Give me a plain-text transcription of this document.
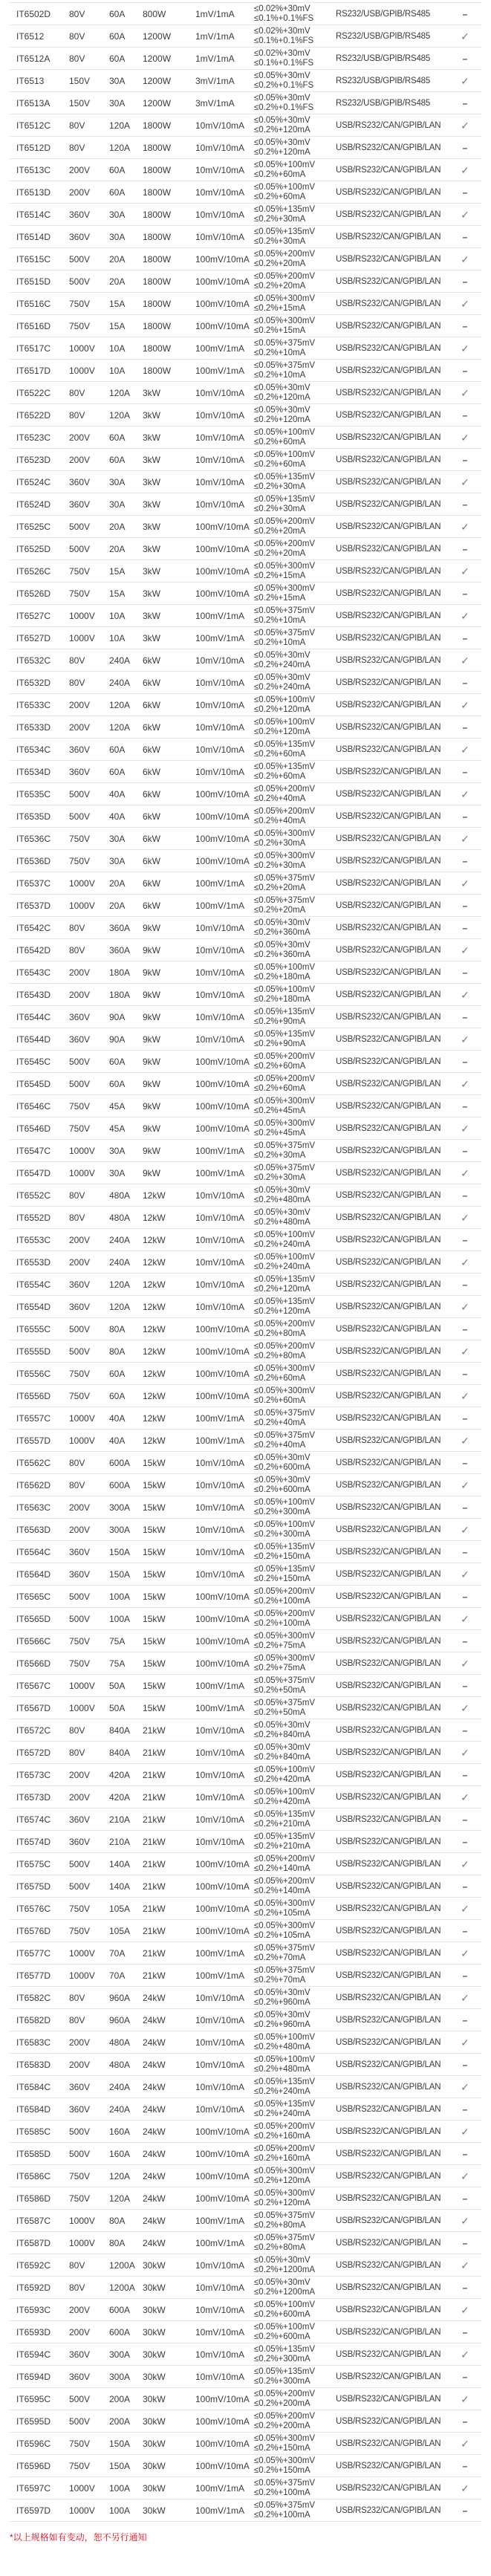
IT6502D	80V	60A	800W	1mV/1mA	≤0.02%+30mV
≤0.1%+0.1%FS	RS232/USB/GPIB/RS485	–
IT6512	80V	60A	1200W	1mV/1mA	≤0.02%+30mV
≤0.1%+0.1%FS	RS232/USB/GPIB/RS485	✓
IT6512A	80V	60A	1200W	1mV/1mA	≤0.02%+30mV
≤0.1%+0.1%FS	RS232/USB/GPIB/RS485	–
IT6513	150V	30A	1200W	3mV/1mA	≤0.05%+30mV
≤0.2%+0.1%FS	RS232/USB/GPIB/RS485	✓
IT6513A	150V	30A	1200W	3mV/1mA	≤0.05%+30mV
≤0.2%+0.1%FS	RS232/USB/GPIB/RS485	–
IT6512C	80V	120A	1800W	10mV/10mA	≤0.05%+30mV
≤0.2%+120mA	USB/RS232/CAN/GPIB/LAN	✓
IT6512D	80V	120A	1800W	10mV/10mA	≤0.05%+30mV
≤0.2%+120mA	USB/RS232/CAN/GPIB/LAN	–
IT6513C	200V	60A	1800W	10mV/10mA	≤0.05%+100mV
≤0.2%+60mA	USB/RS232/CAN/GPIB/LAN	✓
IT6513D	200V	60A	1800W	10mV/10mA	≤0.05%+100mV
≤0.2%+60mA	USB/RS232/CAN/GPIB/LAN	–
IT6514C	360V	30A	1800W	10mV/10mA	≤0.05%+135mV
≤0.2%+30mA	USB/RS232/CAN/GPIB/LAN	✓
IT6514D	360V	30A	1800W	10mV/10mA	≤0.05%+135mV
≤0.2%+30mA	USB/RS232/CAN/GPIB/LAN	–
IT6515C	500V	20A	1800W	100mV/10mA ≤0.05%+200mV
≤0.2%+20mA	USB/RS232/CAN/GPIB/LAN	✓
IT6515D	500V	20A	1800W	100mV/10mA ≤0.05%+200mV
≤0.2%+20mA	USB/RS232/CAN/GPIB/LAN	–
IT6516C	750V	15A	1800W	100mV/10mA ≤0.05%+300mV
≤0.2%+15mA	USB/RS232/CAN/GPIB/LAN	✓
IT6516D	750V	15A	1800W	100mV/10mA ≤0.05%+300mV
≤0.2%+15mA	USB/RS232/CAN/GPIB/LAN	–
IT6517C	1000V	10A	1800W	100mV/1mA	≤0.05%+375mV
≤0.2%+10mA	USB/RS232/CAN/GPIB/LAN	✓
IT6517D	1000V	10A	1800W	100mV/1mA	≤0.05%+375mV
≤0.2%+10mA	USB/RS232/CAN/GPIB/LAN	–
IT6522C	80V	120A	3kW	10mV/10mA	≤0.05%+30mV
≤0.2%+120mA	USB/RS232/CAN/GPIB/LAN	✓
IT6522D	80V	120A	3kW	10mV/10mA	≤0.05%+30mV
≤0.2%+120mA	USB/RS232/CAN/GPIB/LAN	–
IT6523C	200V	60A	3kW	10mV/10mA	≤0.05%+100mV
≤0.2%+60mA	USB/RS232/CAN/GPIB/LAN	✓
IT6523D	200V	60A	3kW	10mV/10mA	≤0.05%+100mV
≤0.2%+60mA	USB/RS232/CAN/GPIB/LAN	–
IT6524C	360V	30A	3kW	10mV/10mA	≤0.05%+135mV
≤0.2%+30mA	USB/RS232/CAN/GPIB/LAN	✓
IT6524D	360V	30A	3kW	10mV/10mA	≤0.05%+135mV
≤0.2%+30mA	USB/RS232/CAN/GPIB/LAN	–
IT6525C	500V	20A	3kW	100mV/10mA ≤0.05%+200mV
≤0.2%+20mA	USB/RS232/CAN/GPIB/LAN	✓
IT6525D	500V	20A	3kW	100mV/10mA ≤0.05%+200mV
≤0.2%+20mA	USB/RS232/CAN/GPIB/LAN	–
IT6526C	750V	15A	3kW	100mV/10mA ≤0.05%+300mV
≤0.2%+15mA	USB/RS232/CAN/GPIB/LAN	✓
IT6526D	750V	15A	3kW	100mV/10mA ≤0.05%+300mV
≤0.2%+15mA	USB/RS232/CAN/GPIB/LAN	–
IT6527C	1000V	10A	3kW	100mV/1mA	≤0.05%+375mV
≤0.2%+10mA	USB/RS232/CAN/GPIB/LAN	✓
IT6527D	1000V	10A	3kW	100mV/1mA	≤0.05%+375mV
≤0.2%+10mA	USB/RS232/CAN/GPIB/LAN	–
IT6532C	80V	240A	6kW	10mV/10mA	≤0.05%+30mV
≤0.2%+240mA	USB/RS232/CAN/GPIB/LAN	✓
IT6532D	80V	240A	6kW	10mV/10mA	≤0.05%+30mV
≤0.2%+240mA	USB/RS232/CAN/GPIB/LAN	–
IT6533C	200V	120A	6kW	10mV/10mA	≤0.05%+100mV
≤0.2%+120mA	USB/RS232/CAN/GPIB/LAN	✓
IT6533D	200V	120A	6kW	10mV/10mA	≤0.05%+100mV
≤0.2%+120mA	USB/RS232/CAN/GPIB/LAN	–
IT6534C	360V	60A	6kW	10mV/10mA	≤0.05%+135mV
≤0.2%+60mA	USB/RS232/CAN/GPIB/LAN	✓
IT6534D	360V	60A	6kW	10mV/10mA	≤0.05%+135mV
≤0.2%+60mA	USB/RS232/CAN/GPIB/LAN	–
IT6535C	500V	40A	6kW	100mV/10mA ≤0.05%+200mV
≤0.2%+40mA	USB/RS232/CAN/GPIB/LAN	✓
IT6535D	500V	40A	6kW	100mV/10mA ≤0.05%+200mV
≤0.2%+40mA	USB/RS232/CAN/GPIB/LAN	–
IT6536C	750V	30A	6kW	100mV/10mA ≤0.05%+300mV
≤0.2%+30mA	USB/RS232/CAN/GPIB/LAN	✓
IT6536D	750V	30A	6kW	100mV/10mA ≤0.05%+300mV
≤0.2%+30mA	USB/RS232/CAN/GPIB/LAN	–
IT6537C	1000V	20A	6kW	100mV/1mA	≤0.05%+375mV
≤0.2%+20mA	USB/RS232/CAN/GPIB/LAN	✓
IT6537D	1000V	20A	6kW	100mV/1mA	≤0.05%+375mV
≤0.2%+20mA	USB/RS232/CAN/GPIB/LAN	–
IT6542C	80V	360A	9kW	10mV/10mA	≤0.05%+30mV
≤0.2%+360mA	USB/RS232/CAN/GPIB/LAN	–
IT6542D	80V	360A	9kW	10mV/10mA	≤0.05%+30mV
≤0.2%+360mA	USB/RS232/CAN/GPIB/LAN	✓
IT6543C	200V	180A	9kW	10mV/10mA	≤0.05%+100mV
≤0.2%+180mA	USB/RS232/CAN/GPIB/LAN	–
IT6543D	200V	180A	9kW	10mV/10mA	≤0.05%+100mV
≤0.2%+180mA	USB/RS232/CAN/GPIB/LAN	✓
IT6544C	360V	90A	9kW	10mV/10mA	≤0.05%+135mV
≤0.2%+90mA	USB/RS232/CAN/GPIB/LAN	–
IT6544D	360V	90A	9kW	10mV/10mA	≤0.05%+135mV
≤0.2%+90mA	USB/RS232/CAN/GPIB/LAN	✓
IT6545C	500V	60A	9kW	100mV/10mA ≤0.05%+200mV
≤0.2%+60mA	USB/RS232/CAN/GPIB/LAN	–
IT6545D	500V	60A	9kW	100mV/10mA ≤0.05%+200mV
≤0.2%+60mA	USB/RS232/CAN/GPIB/LAN	✓
IT6546C	750V	45A	9kW	100mV/10mA ≤0.05%+300mV
≤0.2%+45mA	USB/RS232/CAN/GPIB/LAN	–
IT6546D	750V	45A	9kW	100mV/10mA ≤0.05%+300mV
≤0.2%+45mA	USB/RS232/CAN/GPIB/LAN	✓
IT6547C	1000V	30A	9kW	100mV/1mA	≤0.05%+375mV
≤0.2%+30mA	USB/RS232/CAN/GPIB/LAN	–
IT6547D	1000V	30A	9kW	100mV/1mA	≤0.05%+375mV
≤0.2%+30mA	USB/RS232/CAN/GPIB/LAN	✓
IT6552C	80V	480A	12kW	10mV/10mA	≤0.05%+30mV
≤0.2%+480mA	USB/RS232/CAN/GPIB/LAN	–
IT6552D	80V	480A	12kW	10mV/10mA	≤0.05%+30mV
≤0.2%+480mA	USB/RS232/CAN/GPIB/LAN	✓
IT6553C	200V	240A	12kW	10mV/10mA	≤0.05%+100mV
≤0.2%+240mA	USB/RS232/CAN/GPIB/LAN	–
IT6553D	200V	240A	12kW	10mV/10mA	≤0.05%+100mV
≤0.2%+240mA	USB/RS232/CAN/GPIB/LAN	✓
IT6554C	360V	120A	12kW	10mV/10mA	≤0.05%+135mV
≤0.2%+120mA	USB/RS232/CAN/GPIB/LAN	–
IT6554D	360V	120A	12kW	10mV/10mA	≤0.05%+135mV
≤0.2%+120mA	USB/RS232/CAN/GPIB/LAN	✓
IT6555C	500V	80A	12kW	100mV/10mA ≤0.05%+200mV
≤0.2%+80mA	USB/RS232/CAN/GPIB/LAN	–
IT6555D	500V	80A	12kW	100mV/10mA ≤0.05%+200mV
≤0.2%+80mA	USB/RS232/CAN/GPIB/LAN	✓
IT6556C	750V	60A	12kW	100mV/10mA ≤0.05%+300mV
≤0.2%+60mA	USB/RS232/CAN/GPIB/LAN	–
IT6556D	750V	60A	12kW	100mV/10mA ≤0.05%+300mV
≤0.2%+60mA	USB/RS232/CAN/GPIB/LAN	✓
IT6557C	1000V	40A	12kW	100mV/1mA	≤0.05%+375mV
≤0.2%+40mA	USB/RS232/CAN/GPIB/LAN	–
IT6557D	1000V	40A	12kW	100mV/1mA	≤0.05%+375mV
≤0.2%+40mA	USB/RS232/CAN/GPIB/LAN	✓
IT6562C	80V	600A	15kW	10mV/10mA	≤0.05%+30mV
≤0.2%+600mA	USB/RS232/CAN/GPIB/LAN	–
IT6562D	80V	600A	15kW	10mV/10mA	≤0.05%+30mV
≤0.2%+600mA	USB/RS232/CAN/GPIB/LAN	✓
IT6563C	200V	300A	15kW	10mV/10mA	≤0.05%+100mV
≤0.2%+300mA	USB/RS232/CAN/GPIB/LAN	–
IT6563D	200V	300A	15kW	10mV/10mA	≤0.05%+100mV
≤0.2%+300mA	USB/RS232/CAN/GPIB/LAN	✓
IT6564C	360V	150A	15kW	10mV/10mA	≤0.05%+135mV
≤0.2%+150mA	USB/RS232/CAN/GPIB/LAN	–
IT6564D	360V	150A	15kW	10mV/10mA	≤0.05%+135mV
≤0.2%+150mA	USB/RS232/CAN/GPIB/LAN	✓
IT6565C	500V	100A	15kW	100mV/10mA ≤0.05%+200mV
≤0.2%+100mA	USB/RS232/CAN/GPIB/LAN	–
IT6565D	500V	100A	15kW	100mV/10mA ≤0.05%+200mV
≤0.2%+100mA	USB/RS232/CAN/GPIB/LAN	✓
IT6566C	750V	75A	15kW	100mV/10mA ≤0.05%+300mV
≤0.2%+75mA	USB/RS232/CAN/GPIB/LAN	–
IT6566D	750V	75A	15kW	100mV/10mA ≤0.05%+300mV
≤0.2%+75mA	USB/RS232/CAN/GPIB/LAN	✓
IT6567C	1000V	50A	15kW	100mV/1mA	≤0.05%+375mV
≤0.2%+50mA	USB/RS232/CAN/GPIB/LAN	–
IT6567D	1000V	50A	15kW	100mV/1mA	≤0.05%+375mV
≤0.2%+50mA	USB/RS232/CAN/GPIB/LAN	✓
IT6572C	80V	840A	21kW	10mV/10mA	≤0.05%+30mV
≤0.2%+840mA	USB/RS232/CAN/GPIB/LAN	–
IT6572D	80V	840A	21kW	10mV/10mA	≤0.05%+30mV
≤0.2%+840mA	USB/RS232/CAN/GPIB/LAN	✓
IT6573C	200V	420A	21kW	10mV/10mA	≤0.05%+100mV
≤0.2%+420mA	USB/RS232/CAN/GPIB/LAN	–
IT6573D	200V	420A	21kW	10mV/10mA	≤0.05%+100mV
≤0.2%+420mA	USB/RS232/CAN/GPIB/LAN	✓
IT6574C	360V	210A	21kW	10mV/10mA	≤0.05%+135mV
≤0.2%+210mA	USB/RS232/CAN/GPIB/LAN	–
IT6574D	360V	210A	21kW	10mV/10mA	≤0.05%+135mV
≤0.2%+210mA	USB/RS232/CAN/GPIB/LAN	–
IT6575C	500V	140A	21kW	100mV/10mA ≤0.05%+200mV
≤0.2%+140mA	USB/RS232/CAN/GPIB/LAN	✓
IT6575D	500V	140A	21kW	100mV/10mA ≤0.05%+200mV
≤0.2%+140mA	USB/RS232/CAN/GPIB/LAN	–
IT6576C	750V	105A	21kW	100mV/10mA ≤0.05%+300mV
≤0.2%+105mA	USB/RS232/CAN/GPIB/LAN	✓
IT6576D	750V	105A	21kW	100mV/10mA ≤0.05%+300mV
≤0.2%+105mA	USB/RS232/CAN/GPIB/LAN	–
IT6577C	1000V	70A	21kW	100mV/1mA	≤0.05%+375mV
≤0.2%+70mA	USB/RS232/CAN/GPIB/LAN	✓
IT6577D	1000V	70A	21kW	100mV/1mA	≤0.05%+375mV
≤0.2%+70mA	USB/RS232/CAN/GPIB/LAN	–
IT6582C	80V	960A	24kW	10mV/10mA	≤0.05%+30mV
≤0.2%+960mA	USB/RS232/CAN/GPIB/LAN	✓
IT6582D	80V	960A	24kW	10mV/10mA	≤0.05%+30mV
≤0.2%+960mA	USB/RS232/CAN/GPIB/LAN	–
IT6583C	200V	480A	24kW	10mV/10mA	≤0.05%+100mV
≤0.2%+480mA	USB/RS232/CAN/GPIB/LAN	✓
IT6583D	200V	480A	24kW	10mV/10mA	≤0.05%+100mV
≤0.2%+480mA	USB/RS232/CAN/GPIB/LAN	–
IT6584C	360V	240A	24kW	10mV/10mA	≤0.05%+135mV
≤0.2%+240mA	USB/RS232/CAN/GPIB/LAN	✓
IT6584D	360V	240A	24kW	10mV/10mA	≤0.05%+135mV
≤0.2%+240mA	USB/RS232/CAN/GPIB/LAN	–
IT6585C	500V	160A	24kW	100mV/10mA ≤0.05%+200mV
≤0.2%+160mA	USB/RS232/CAN/GPIB/LAN	✓
IT6585D	500V	160A	24kW	100mV/10mA ≤0.05%+200mV
≤0.2%+160mA	USB/RS232/CAN/GPIB/LAN	–
IT6586C	750V	120A	24kW	100mV/10mA ≤0.05%+300mV
≤0.2%+120mA	USB/RS232/CAN/GPIB/LAN	✓
IT6586D	750V	120A	24kW	100mV/10mA ≤0.05%+300mV
≤0.2%+120mA	USB/RS232/CAN/GPIB/LAN	–
IT6587C	1000V	80A	24kW	100mV/1mA	≤0.05%+375mV
≤0.2%+80mA	USB/RS232/CAN/GPIB/LAN	✓
IT6587D	1000V	80A	24kW	100mV/1mA	≤0.05%+375mV
≤0.2%+80mA	USB/RS232/CAN/GPIB/LAN	–
IT6592C	80V	1200A 30kW	10mV/10mA	≤0.05%+30mV
≤0.2%+1200mA	USB/RS232/CAN/GPIB/LAN	✓
IT6592D	80V	1200A 30kW	10mV/10mA	≤0.05%+30mV
≤0.2%+1200mA	USB/RS232/CAN/GPIB/LAN	–
IT6593C	200V	600A	30kW	10mV/10mA	≤0.05%+100mV
≤0.2%+600mA	USB/RS232/CAN/GPIB/LAN	✓
IT6593D	200V	600A	30kW	10mV/10mA	≤0.05%+100mV
≤0.2%+600mA	USB/RS232/CAN/GPIB/LAN	–
IT6594C	360V	300A	30kW	10mV/10mA	≤0.05%+135mV
≤0.2%+300mA	USB/RS232/CAN/GPIB/LAN	✓
IT6594D	360V	300A	30kW	10mV/10mA	≤0.05%+135mV
≤0.2%+300mA	USB/RS232/CAN/GPIB/LAN	–
IT6595C	500V	200A	30kW	100mV/10mA ≤0.05%+200mV
≤0.2%+200mA	USB/RS232/CAN/GPIB/LAN	✓
IT6595D	500V	200A	30kW	100mV/10mA ≤0.05%+200mV
≤0.2%+200mA	USB/RS232/CAN/GPIB/LAN	–
IT6596C	750V	150A	30kW	100mV/10mA ≤0.05%+300mV
≤0.2%+150mA	USB/RS232/CAN/GPIB/LAN	✓
IT6596D	750V	150A	30kW	100mV/10mA ≤0.05%+300mV
≤0.2%+150mA	USB/RS232/CAN/GPIB/LAN	–
IT6597C	1000V	100A	30kW	100mV/1mA	≤0.05%+375mV
≤0.2%+100mA	USB/RS232/CAN/GPIB/LAN	✓
IT6597D	1000V	100A	30kW	100mV/1mA	≤0.05%+375mV
≤0.2%+100mA	USB/RS232/CAN/GPIB/LAN	–
*以上规格如有变动，恕不另行通知
